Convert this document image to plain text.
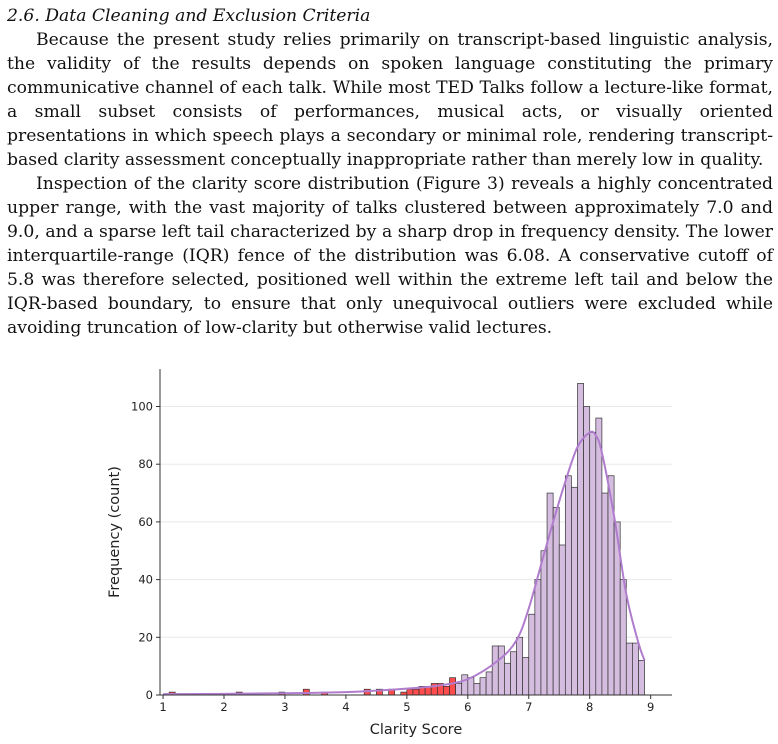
2.6. Data Cleaning and Exclusion Criteria

Because the present study relies primarily on transcript-based linguistic analysis, the validity of the results depends on spoken language constituting the primary communicative channel of each talk. While most TED Talks follow a lecture-like format, a small subset consists of performances, musical acts, or visually oriented presentations in which speech plays a secondary or minimal role, rendering transcript-based clarity assessment conceptually inappropriate rather than merely low in quality.

Inspection of the clarity score distribution (Figure 3) reveals a highly concentrated upper range, with the vast majority of talks clustered between approximately 7.0 and 9.0, and a sparse left tail characterized by a sharp drop in frequency density. The lower interquartile-range (IQR) fence of the distribution was 6.08. A conservative cutoff of 5.8 was therefore selected, positioned well within the extreme left tail and below the IQR-based boundary, to ensure that only unequivocal outliers were excluded while avoiding truncation of low-clarity but otherwise valid lectures.

0
20
40
60
80
100
1	2	3	4	5	6	7	8	9
Clarity Score
Frequency (count)
